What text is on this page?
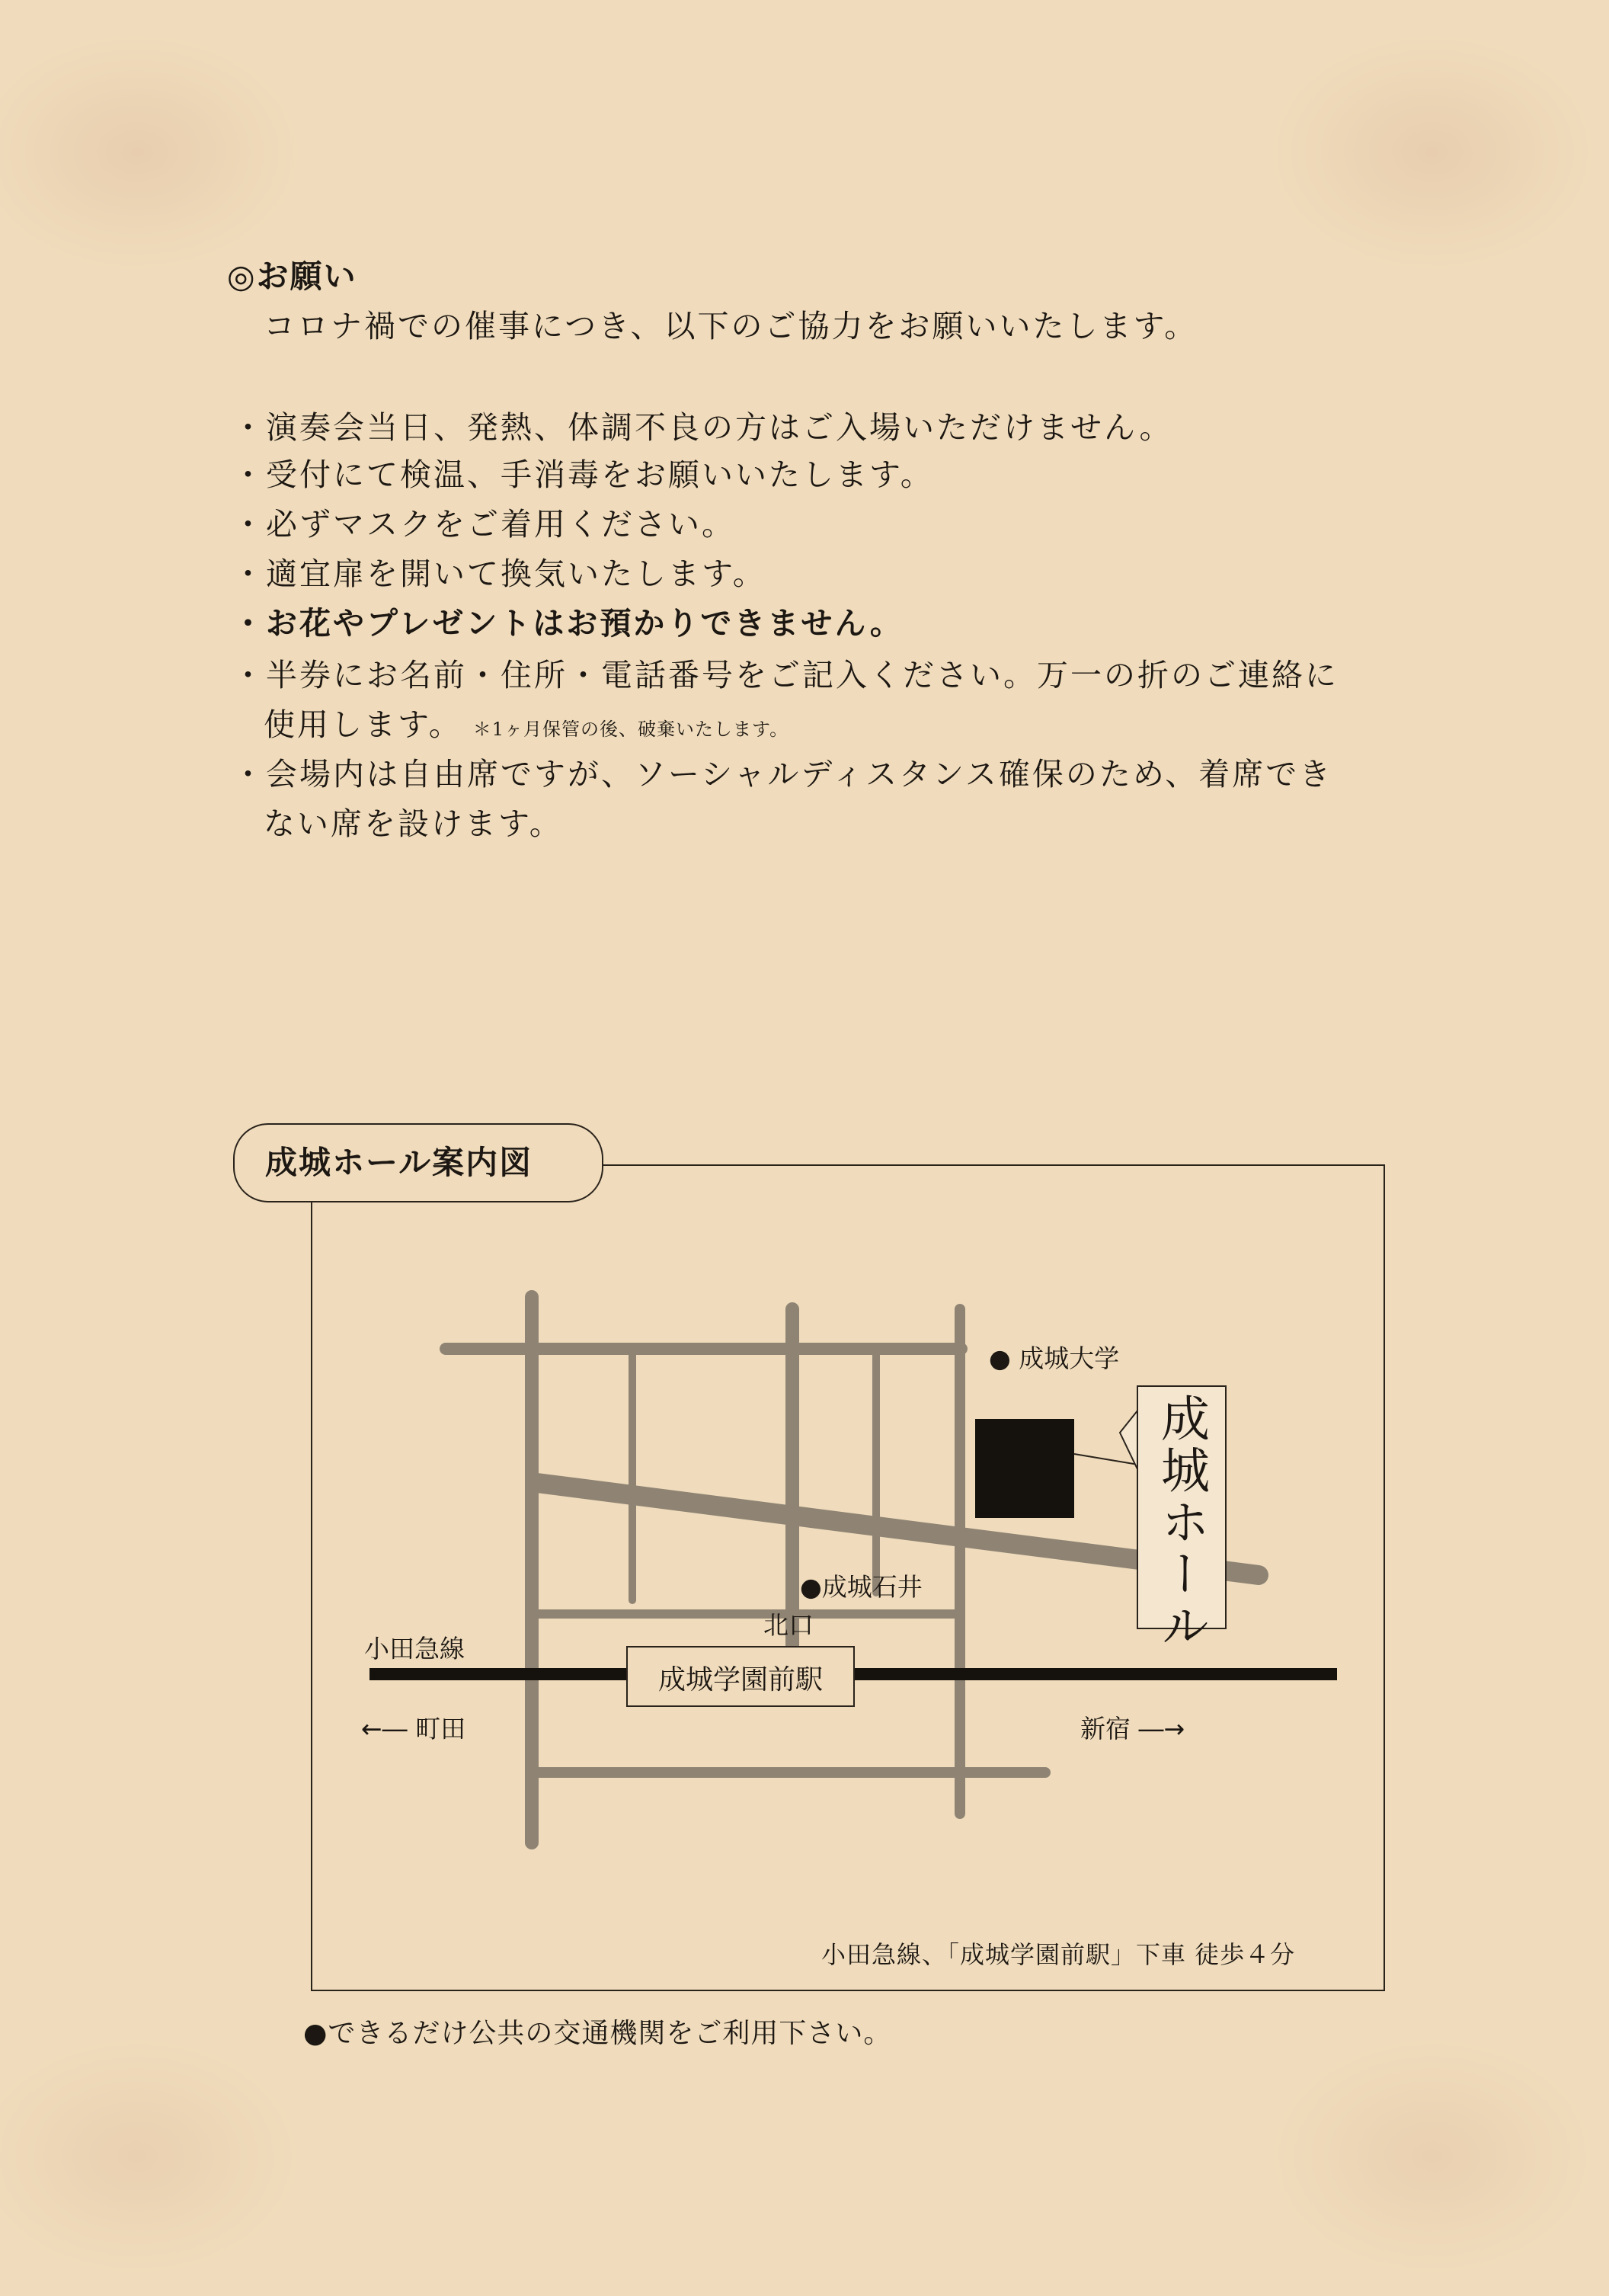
◎お願い
コロナ禍での催事につき、以下のご協力をお願いいたします。
・演奏会当日、発熱、体調不良の方はご入場いただけません。
・受付にて検温、手消毒をお願いいたします。
・必ずマスクをご着用ください。
・適宜扉を開いて換気いたします。
・お花やプレゼントはお預かりできません。
・半券にお名前・住所・電話番号をご記入ください。万一の折のご連絡に
使用します。 ＊1ヶ月保管の後、破棄いたします。
・会場内は自由席ですが、ソーシャルディスタンス確保のため、着席でき
ない席を設けます。
成城ホール案内図
● 成城大学
成城ホール
●成城石井
北口
成城学園前駅
小田急線
←― 町田	新宿 ―→
小田急線、「成城学園前駅」下車 徒歩４分
●できるだけ公共の交通機関をご利用下さい。
